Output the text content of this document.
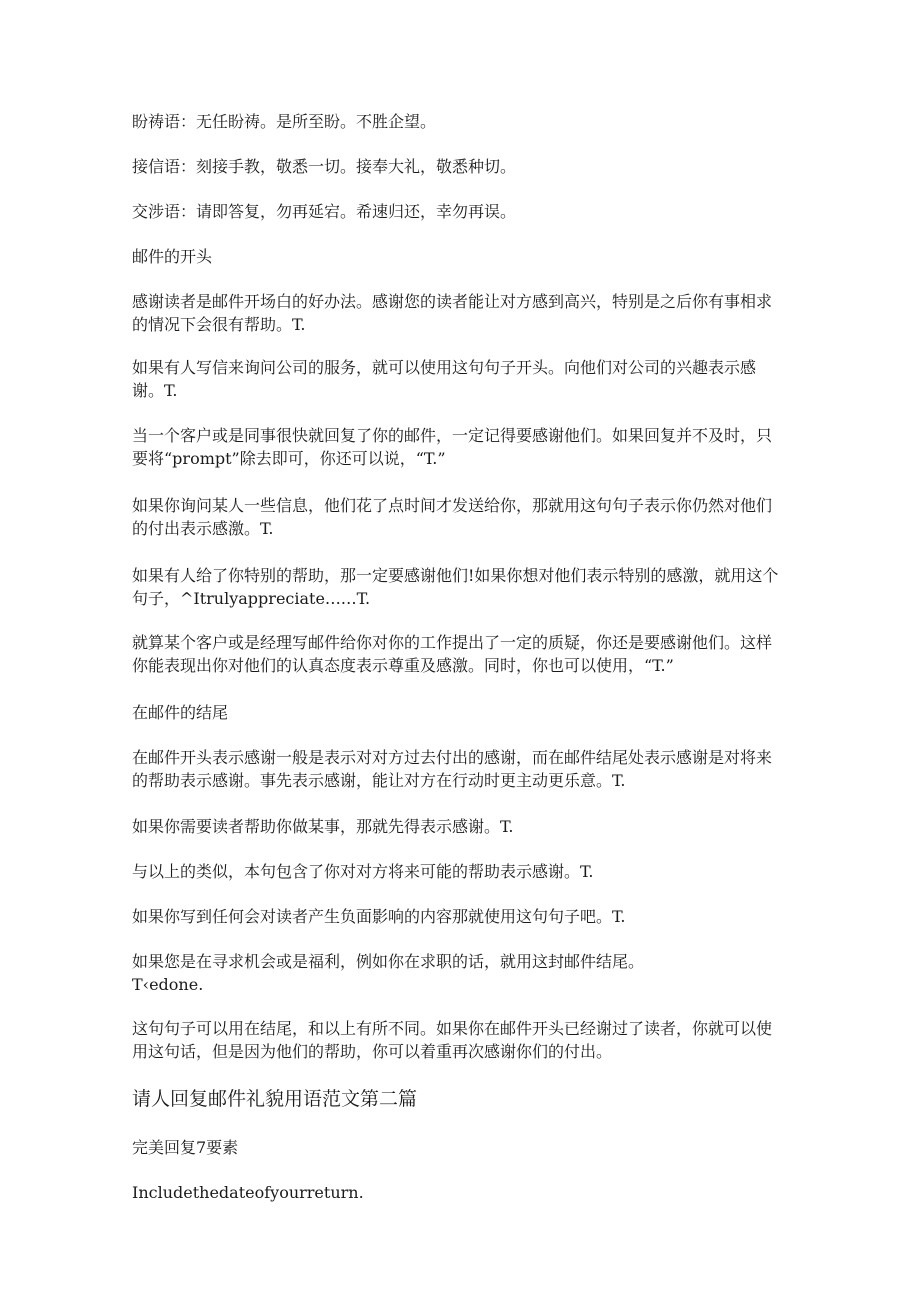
盼祷语：无任盼祷。是所至盼。不胜企望。

接信语：刻接手教，敬悉一切。接奉大礼，敬悉种切。

交涉语：请即答复，勿再延宕。希速归还，幸勿再误。

邮件的开头

感谢读者是邮件开场白的好办法。感谢您的读者能让对方感到高兴，特别是之后你有事相求的情况下会很有帮助。T.

如果有人写信来询问公司的服务，就可以使用这句句子开头。向他们对公司的兴趣表示感谢。T.

当一个客户或是同事很快就回复了你的邮件，一定记得要感谢他们。如果回复并不及时，只要将“prompt”除去即可，你还可以说，“T.”

如果你询问某人一些信息，他们花了点时间才发送给你，那就用这句句子表示你仍然对他们的付出表示感激。T.

如果有人给了你特别的帮助，那一定要感谢他们!如果你想对他们表示特别的感激，就用这个句子，^Itrulyappreciate….‥T.

就算某个客户或是经理写邮件给你对你的工作提出了一定的质疑，你还是要感谢他们。这样你能表现出你对他们的认真态度表示尊重及感激。同时，你也可以使用，“T.”

在邮件的结尾

在邮件开头表示感谢一般是表示对对方过去付出的感谢，而在邮件结尾处表示感谢是对将来的帮助表示感谢。事先表示感谢，能让对方在行动时更主动更乐意。T.

如果你需要读者帮助你做某事，那就先得表示感谢。T.

与以上的类似，本句包含了你对对方将来可能的帮助表示感谢。T.

如果你写到任何会对读者产生负面影响的内容那就使用这句句子吧。T.

如果您是在寻求机会或是福利，例如你在求职的话，就用这封邮件结尾。
T‹edone.

这句句子可以用在结尾，和以上有所不同。如果你在邮件开头已经谢过了读者，你就可以使用这句话，但是因为他们的帮助，你可以着重再次感谢你们的付出。

请人回复邮件礼貌用语范文第二篇

完美回复7要素

Includethedateofyourreturn.
